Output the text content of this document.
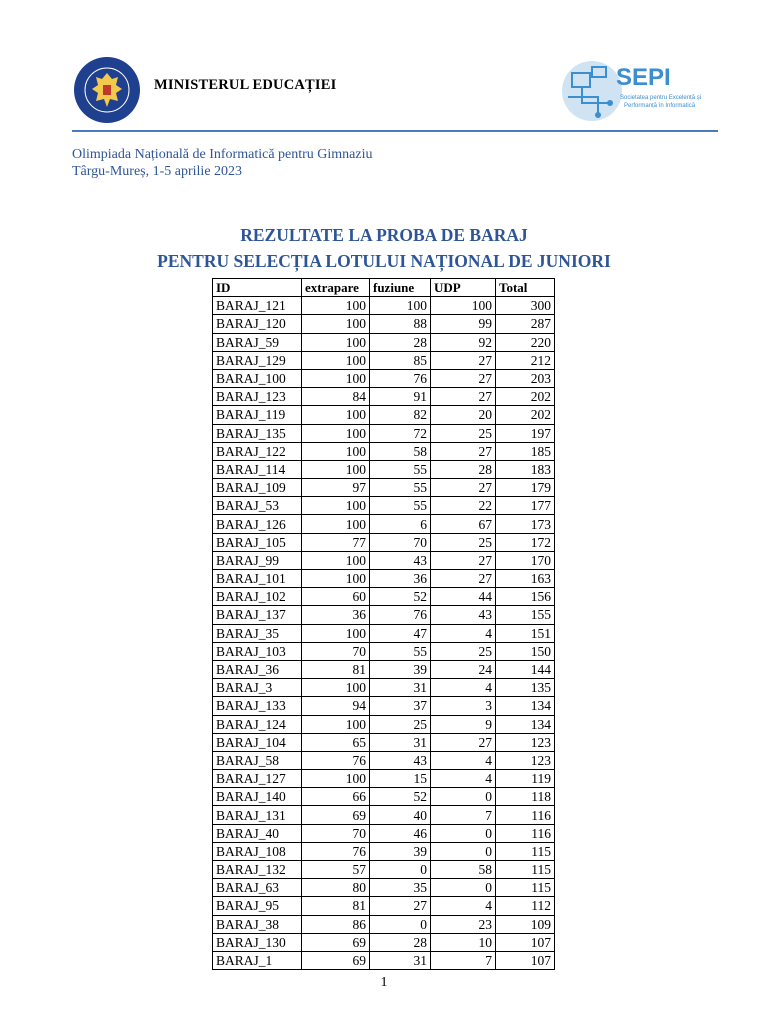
MINISTERUL EDUCAȚIEI	SEPI
Societatea pentru Excelență și
Performanță în Informatică
Olimpiada Națională de Informatică pentru Gimnaziu
Târgu-Mureș, 1-5 aprilie 2023
REZULTATE LA PROBA DE BARAJ
PENTRU SELECȚIA LOTULUI NAȚIONAL DE JUNIORI
ID	extrapare	fuziune	UDP	Total
BARAJ_121	100	100	100	300
BARAJ_120	100	88	99	287
BARAJ_59	100	28	92	220
BARAJ_129	100	85	27	212
BARAJ_100	100	76	27	203
BARAJ_123	84	91	27	202
BARAJ_119	100	82	20	202
BARAJ_135	100	72	25	197
BARAJ_122	100	58	27	185
BARAJ_114	100	55	28	183
BARAJ_109	97	55	27	179
BARAJ_53	100	55	22	177
BARAJ_126	100	6	67	173
BARAJ_105	77	70	25	172
BARAJ_99	100	43	27	170
BARAJ_101	100	36	27	163
BARAJ_102	60	52	44	156
BARAJ_137	36	76	43	155
BARAJ_35	100	47	4	151
BARAJ_103	70	55	25	150
BARAJ_36	81	39	24	144
BARAJ_3	100	31	4	135
BARAJ_133	94	37	3	134
BARAJ_124	100	25	9	134
BARAJ_104	65	31	27	123
BARAJ_58	76	43	4	123
BARAJ_127	100	15	4	119
BARAJ_140	66	52	0	118
BARAJ_131	69	40	7	116
BARAJ_40	70	46	0	116
BARAJ_108	76	39	0	115
BARAJ_132	57	0	58	115
BARAJ_63	80	35	0	115
BARAJ_95	81	27	4	112
BARAJ_38	86	0	23	109
BARAJ_130	69	28	10	107
BARAJ_1	69	31	7	107
1
